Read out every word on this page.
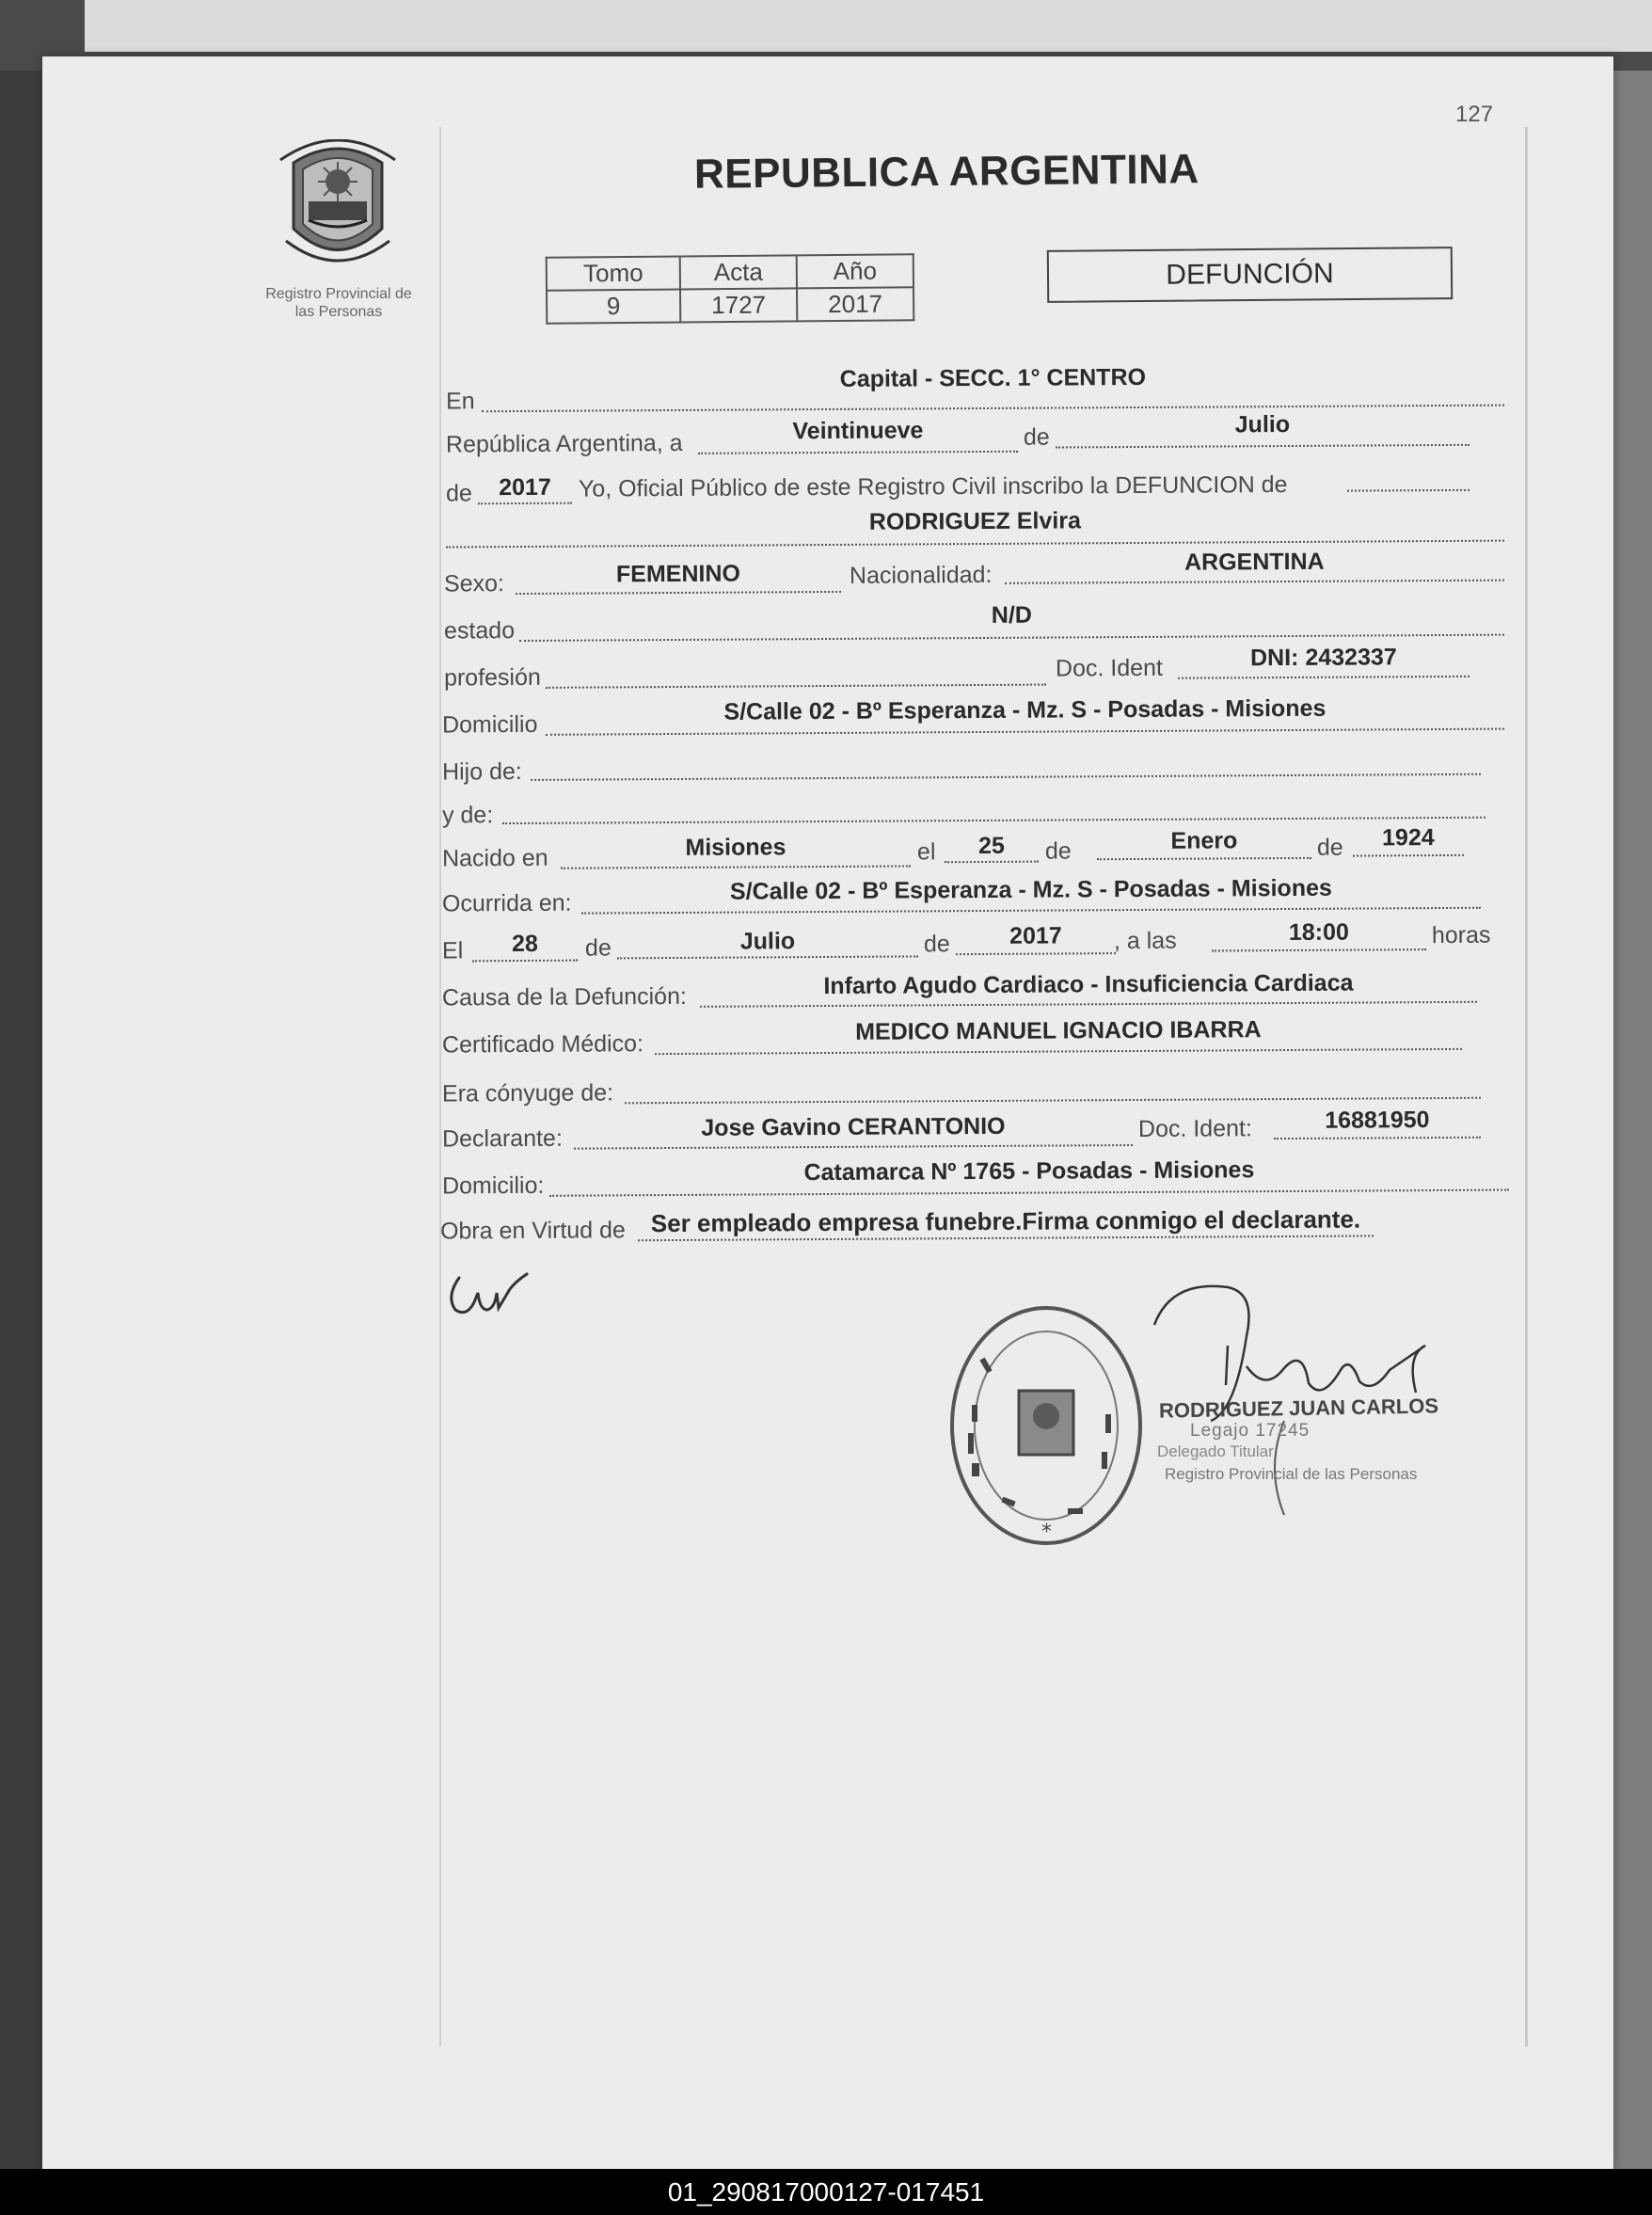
127
Registro Provincial de
las Personas
REPUBLICA ARGENTINA
Tomo	Acta	Año
9	1727	2017
DEFUNCIÓN
En
Capital - SECC. 1° CENTRO
República Argentina, a	Veintinueve	de	Julio
de	2017	Yo, Oficial Público de este Registro Civil inscribo la DEFUNCION de
RODRIGUEZ Elvira
Sexo:	FEMENINO	Nacionalidad:	ARGENTINA
estado
N/D
profesión	Doc. Ident	DNI: 2432337
Domicilio	S/Calle 02 - Bº Esperanza - Mz. S - Posadas - Misiones
Hijo de:
y de:
Nacido en	Misiones	el	25	de	Enero	de	1924
Ocurrida en:	S/Calle 02 - Bº Esperanza - Mz. S - Posadas - Misiones
El	28	de	Julio	de	2017	, a las	18:00	horas
Causa de la Defunción:	Infarto Agudo Cardiaco - Insuficiencia Cardiaca
Certificado Médico:	MEDICO MANUEL IGNACIO IBARRA
Era cónyuge de:
Declarante:	Jose Gavino CERANTONIO	Doc. Ident:	16881950
Domicilio:
Catamarca Nº 1765 - Posadas - Misiones
Obra en Virtud de	Ser empleado empresa funebre.Firma conmigo el declarante.
*
RODRIGUEZ JUAN CARLOS
Legajo 17245
Delegado Titular
Registro Provincial de las Personas
01_290817000127-017451
